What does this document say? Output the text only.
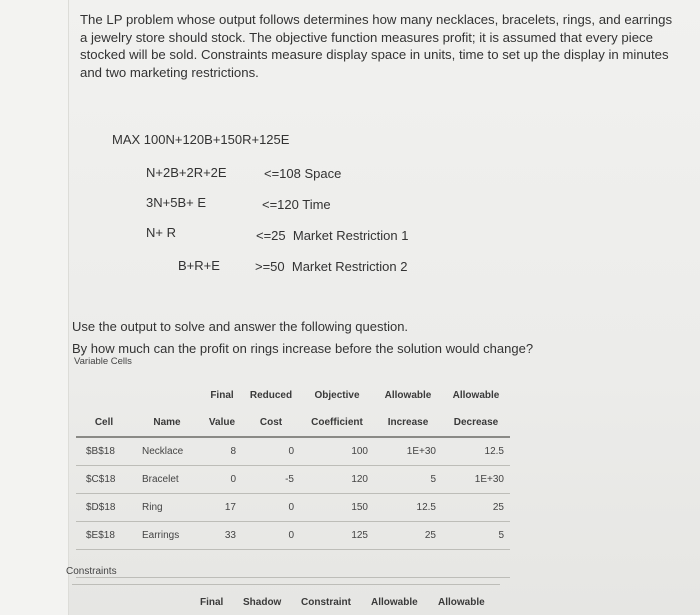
The LP problem whose output follows determines how many necklaces, bracelets, rings, and earrings a jewelry store should stock. The objective function measures profit; it is assumed that every piece stocked will be sold. Constraints measure display space in units, time to set up the display in minutes and two marketing restrictions.
MAX 100N+120B+150R+125E
N+2B+2R+2E	<=108 Space
3N+5B+ E	<=120 Time
N+ R	<=25  Market Restriction 1
B+R+E	>=50  Market Restriction 2
Use the output to solve and answer the following question.
By how much can the profit on rings increase before the solution would change?
Variable Cells
		Final	Reduced	Objective	Allowable	Allowable
Cell	Name	Value	Cost	Coefficient	Increase	Decrease
$B$18	Necklace	8	0	100	1E+30	12.5
$C$18	Bracelet	0	-5	120	5	1E+30
$D$18	Ring	17	0	150	12.5	25
$E$18	Earrings	33	0	125	25	5

Constraints
Final Shadow Constraint Allowable Allowable
